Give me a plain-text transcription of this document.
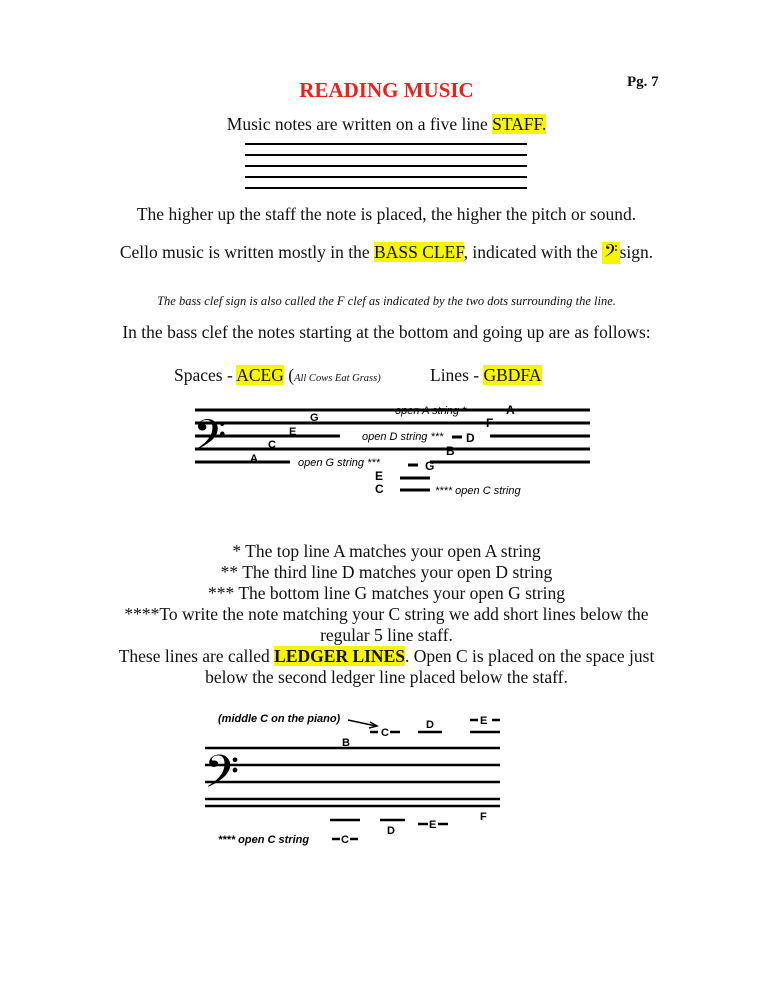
READING MUSIC	Pg. 7
Music notes are written on a five line STAFF.
The higher up the staff the note is placed, the higher the pitch or sound.
Cello music is written mostly in the BASS CLEF, indicated with the 𝄢 sign.
The bass clef sign is also called the F clef as indicated by the two dots surrounding the line.
In the bass clef the notes starting at the bottom and going up are as follows:
Spaces - ACEG (All Cows Eat Grass)	Lines - GBDFA
𝄢	G
E
C
A
open A string *	A
F
open D string *** D
B
open G string ***	G
E
C	**** open C string
* The top line A matches your open A string
** The third line D matches your open D string
*** The bottom line G matches your open G string
****To write the note matching your C string we add short lines below the
regular 5 line staff.
These lines are called LEDGER LINES. Open C is placed on the space just
below the second ledger line placed below the staff.
𝄢
(middle C on the piano)
C
D	E
B
F
E
D
C
**** open C string
